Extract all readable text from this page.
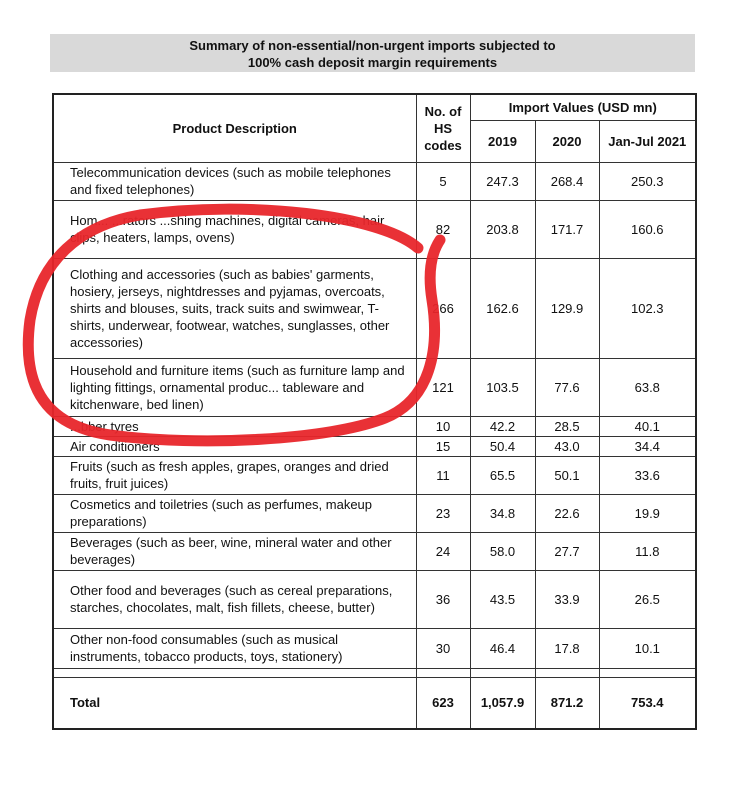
Summary of non-essential/non-urgent imports subjected to
100% cash deposit margin requirements
Product Description	No. of HS codes	Import Values (USD mn)		
		2019	2020	Jan-Jul 2021
Telecommunication devices (such as mobile telephones and fixed telephones)	5	247.3	268.4	250.3
Hom... ...rators ...shing machines, digital cameras, hair clips, heaters, lamps, ovens)	82	203.8	171.7	160.6
Clothing and accessories (such as babies' garments, hosiery, jerseys, nightdresses and pyjamas, overcoats, shirts and blouses, suits, track suits and swimwear, T-shirts, underwear, footwear, watches, sunglasses, other accessories)	266	162.6	129.9	102.3
Household and furniture items (such as furniture lamp and lighting fittings, ornamental produc... tableware and kitchenware, bed linen)	121	103.5	77.6	63.8
...bber tyres	10	42.2	28.5	40.1
Air conditioners	15	50.4	43.0	34.4
Fruits (such as fresh apples, grapes, oranges and dried fruits, fruit juices)	11	65.5	50.1	33.6
Cosmetics and toiletries (such as perfumes, makeup preparations)	23	34.8	22.6	19.9
Beverages (such as beer, wine, mineral water and other beverages)	24	58.0	27.7	11.8
Other food and beverages (such as cereal preparations, starches, chocolates, malt, fish fillets, cheese, butter)	36	43.5	33.9	26.5
Other non-food consumables (such as musical instruments, tobacco products, toys, stationery)	30	46.4	17.8	10.1

Total	623	1,057.9	871.2	753.4
